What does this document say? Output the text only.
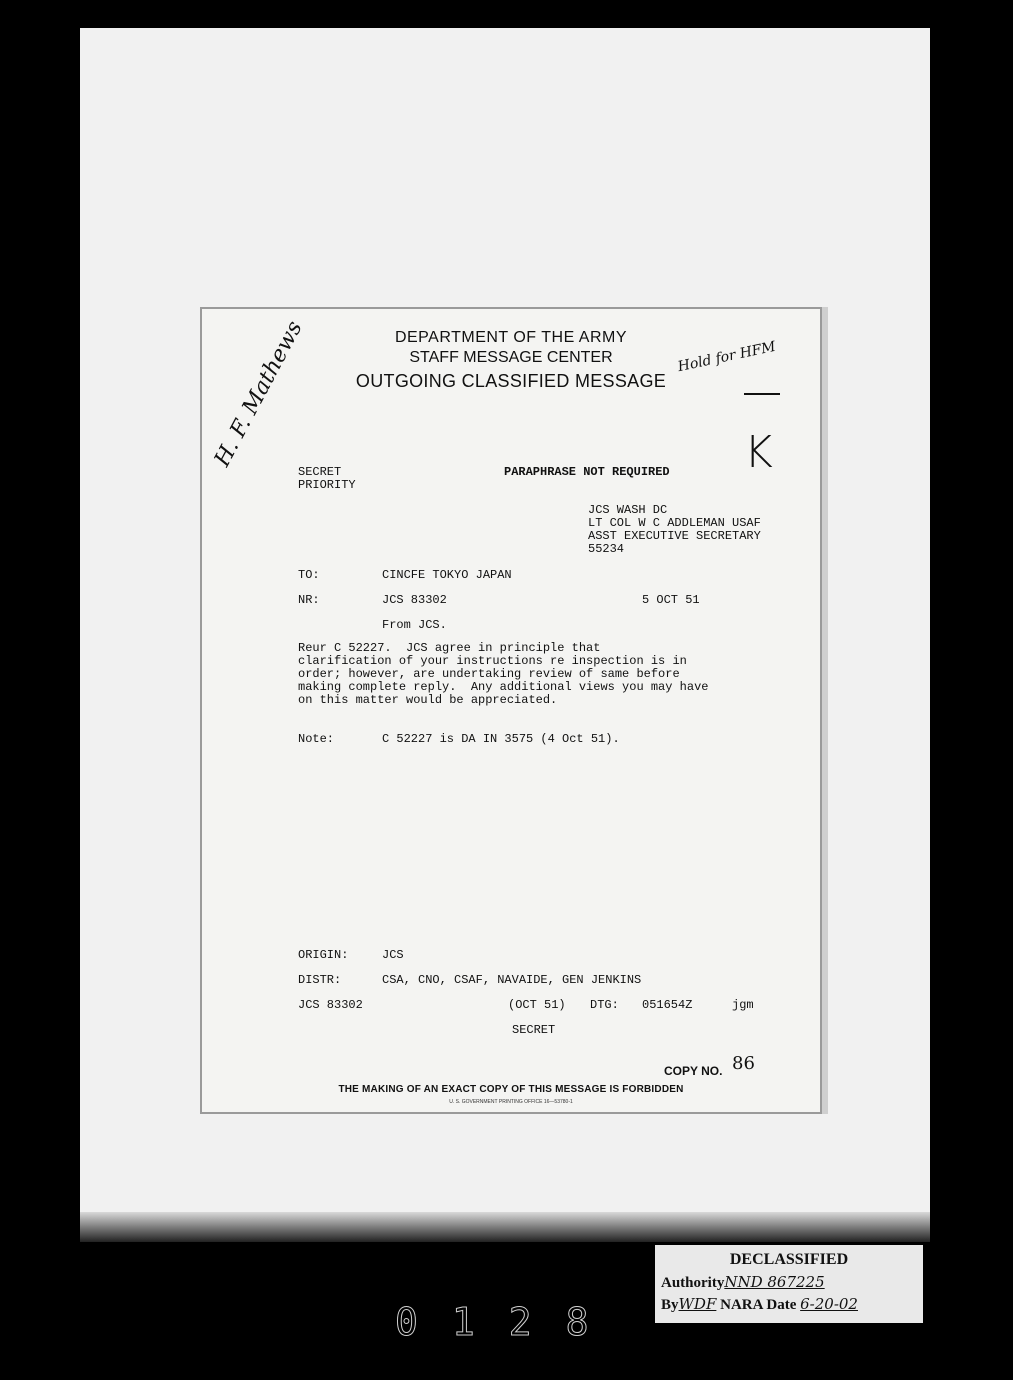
DEPARTMENT OF THE ARMY
STAFF MESSAGE CENTER
OUTGOING CLASSIFIED MESSAGE
H. F. Mathews	Hold for HFM
K
SECRET
PRIORITY
PARAPHRASE NOT REQUIRED
JCS WASH DC
LT COL W C ADDLEMAN USAF
ASST EXECUTIVE SECRETARY
55234
TO:	CINCFE TOKYO JAPAN
NR:	JCS 83302	5 OCT 51
From JCS.
Reur C 52227.  JCS agree in principle that
clarification of your instructions re inspection is in
order; however, are undertaking review of same before
making complete reply.  Any additional views you may have
on this matter would be appreciated.
Note:	C 52227 is DA IN 3575 (4 Oct 51).
ORIGIN:	JCS
DISTR:	CSA, CNO, CSAF, NAVAIDE, GEN JENKINS
JCS 83302	(OCT 51) DTG: 051654Z	jgm
SECRET
COPY NO. 86
THE MAKING OF AN EXACT COPY OF THIS MESSAGE IS FORBIDDEN
U. S. GOVERNMENT PRINTING OFFICE 16—53780-1
DECLASSIFIED
AuthorityNND 867225
ByWDF NARA Date 6-20-02
0128
